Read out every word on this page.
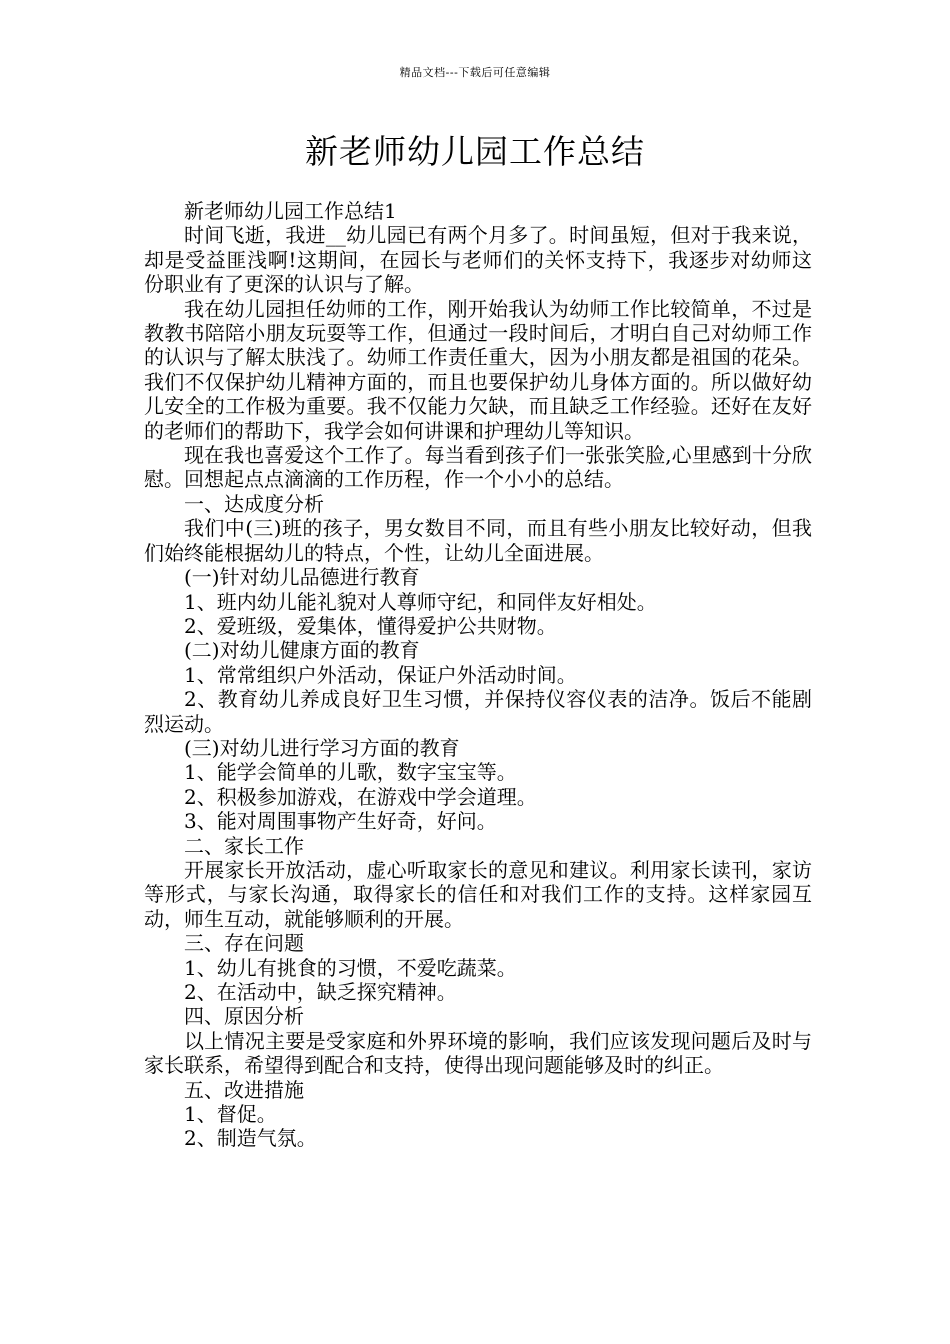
精品文档---下载后可任意编辑
新老师幼儿园工作总结

新老师幼儿园工作总结1

时间飞逝，我进__幼儿园已有两个月多了。时间虽短，但对于我来说，却是受益匪浅啊!这期间，在园长与老师们的关怀支持下，我逐步对幼师这份职业有了更深的认识与了解。

我在幼儿园担任幼师的工作，刚开始我认为幼师工作比较简单，不过是教教书陪陪小朋友玩耍等工作，但通过一段时间后，才明白自己对幼师工作的认识与了解太肤浅了。幼师工作责任重大，因为小朋友都是祖国的花朵。我们不仅保护幼儿精神方面的，而且也要保护幼儿身体方面的。所以做好幼儿安全的工作极为重要。我不仅能力欠缺，而且缺乏工作经验。还好在友好的老师们的帮助下，我学会如何讲课和护理幼儿等知识。

现在我也喜爱这个工作了。每当看到孩子们一张张笑脸,心里感到十分欣慰。回想起点点滴滴的工作历程，作一个小小的总结。

一、达成度分析

我们中(三)班的孩子，男女数目不同，而且有些小朋友比较好动，但我们始终能根据幼儿的特点，个性，让幼儿全面进展。

(一)针对幼儿品德进行教育

1、班内幼儿能礼貌对人尊师守纪，和同伴友好相处。

2、爱班级，爱集体，懂得爱护公共财物。

(二)对幼儿健康方面的教育

1、常常组织户外活动，保证户外活动时间。

2、教育幼儿养成良好卫生习惯，并保持仪容仪表的洁净。饭后不能剧烈运动。

(三)对幼儿进行学习方面的教育

1、能学会简单的儿歌，数字宝宝等。

2、积极参加游戏，在游戏中学会道理。

3、能对周围事物产生好奇，好问。

二、家长工作

开展家长开放活动，虚心听取家长的意见和建议。利用家长读刊，家访等形式，与家长沟通，取得家长的信任和对我们工作的支持。这样家园互动，师生互动，就能够顺利的开展。

三、存在问题

1、幼儿有挑食的习惯，不爱吃蔬菜。

2、在活动中，缺乏探究精神。

四、原因分析

以上情况主要是受家庭和外界环境的影响，我们应该发现问题后及时与家长联系，希望得到配合和支持，使得出现问题能够及时的纠正。

五、改进措施

1、督促。

2、制造气氛。
